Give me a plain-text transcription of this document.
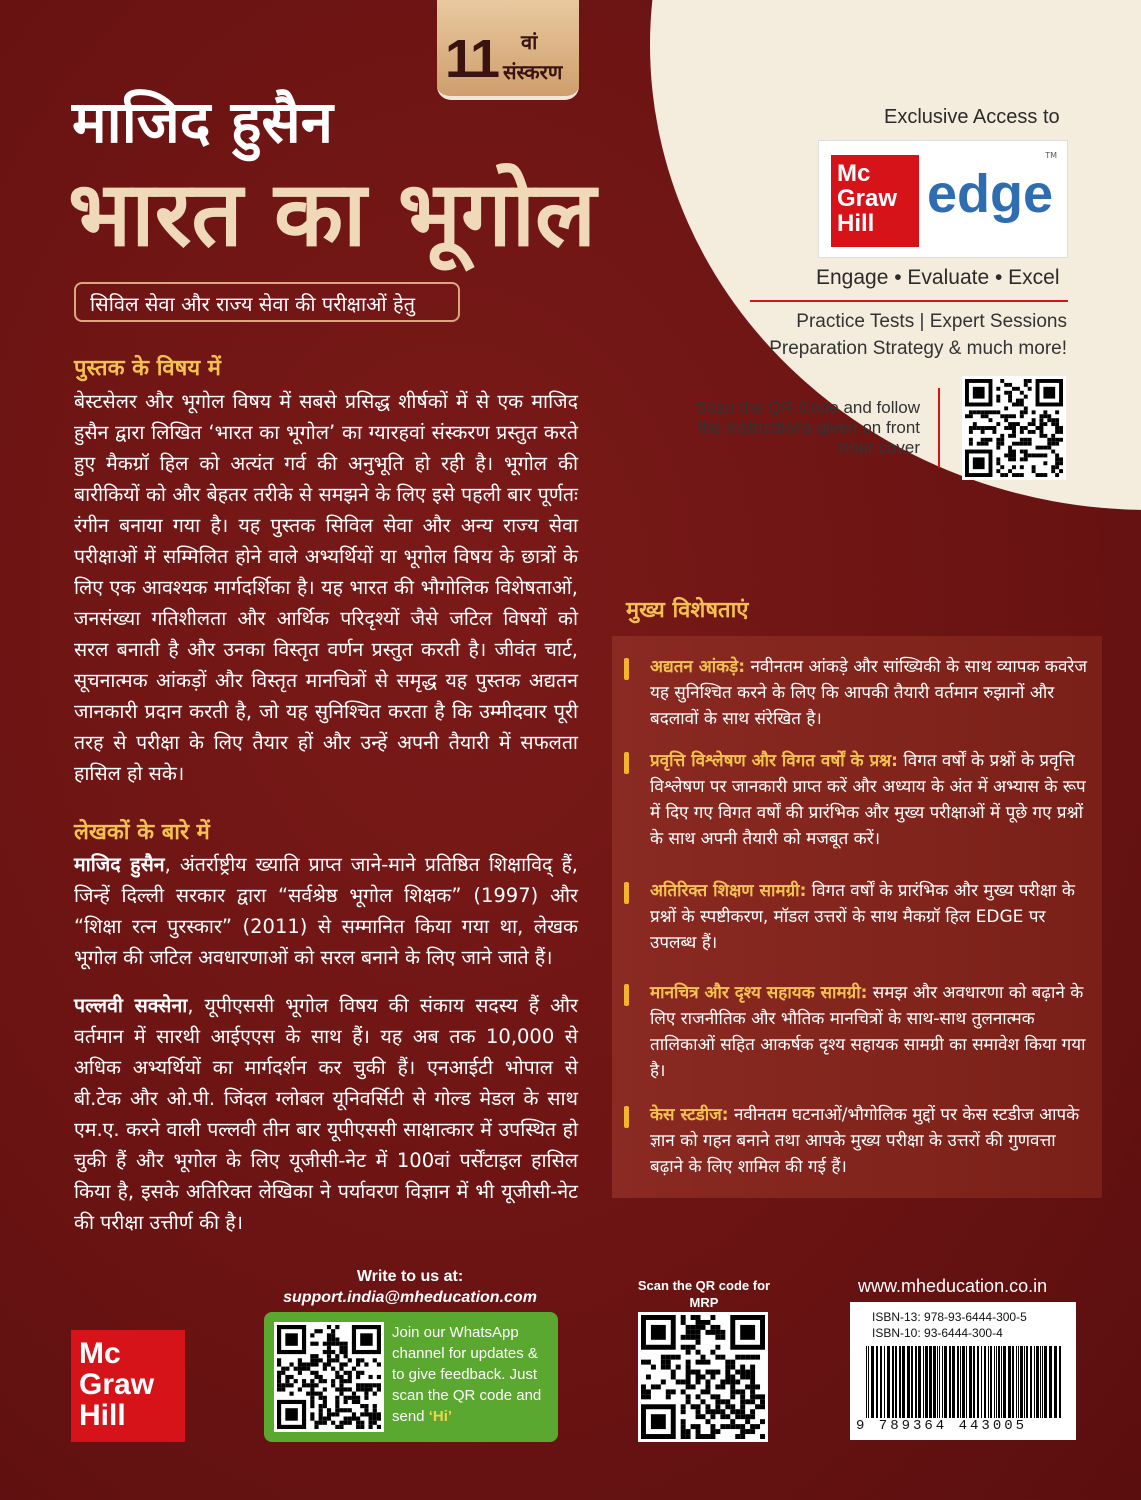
11 वां
संस्करण
माजिद हुसैन
भारत का भूगोल
सिविल सेवा और राज्य सेवा की परीक्षाओं हेतु
Exclusive Access to
Mc
Graw
Hill edge
TM
Engage • Evaluate • Excel
Practice Tests | Expert Sessions
Preparation Strategy & much more!
Scan the QR Code and follow the instructions given on front inner cover
पुस्तक के विषय में
बेस्टसेलर और भूगोल विषय में सबसे प्रसिद्ध शीर्षकों में से एक माजिद हुसैन द्वारा लिखित ‘भारत का भूगोल’ का ग्यारहवां संस्करण प्रस्तुत करते हुए मैकग्रॉ हिल को अत्यंत गर्व की अनुभूति हो रही है। भूगोल की बारीकियों को और बेहतर तरीके से समझने के लिए इसे पहली बार पूर्णतः रंगीन बनाया गया है। यह पुस्तक सिविल सेवा और अन्य राज्य सेवा परीक्षाओं में सम्मिलित होने वाले अभ्यर्थियों या भूगोल विषय के छात्रों के लिए एक आवश्यक मार्गदर्शिका है। यह भारत की भौगोलिक विशेषताओं, जनसंख्या गतिशीलता और आर्थिक परिदृश्यों जैसे जटिल विषयों को सरल बनाती है और उनका विस्तृत वर्णन प्रस्तुत करती है। जीवंत चार्ट, सूचनात्मक आंकड़ों और विस्तृत मानचित्रों से समृद्ध यह पुस्तक अद्यतन जानकारी प्रदान करती है, जो यह सुनिश्चित करता है कि उम्मीदवार पूरी तरह से परीक्षा के लिए तैयार हों और उन्हें अपनी तैयारी में सफलता हासिल हो सके।
लेखकों के बारे में
माजिद हुसैन, अंतर्राष्ट्रीय ख्याति प्राप्त जाने-माने प्रतिष्ठित शिक्षाविद् हैं, जिन्हें दिल्ली सरकार द्वारा “सर्वश्रेष्ठ भूगोल शिक्षक” (1997) और “शिक्षा रत्न पुरस्कार” (2011) से सम्मानित किया गया था, लेखक भूगोल की जटिल अवधारणाओं को सरल बनाने के लिए जाने जाते हैं।
पल्लवी सक्सेना, यूपीएससी भूगोल विषय की संकाय सदस्य हैं और वर्तमान में सारथी आईएएस के साथ हैं। यह अब तक 10,000 से अधिक अभ्यर्थियों का मार्गदर्शन कर चुकी हैं। एनआईटी भोपाल से बी.टेक और ओ.पी. जिंदल ग्लोबल यूनिवर्सिटी से गोल्ड मेडल के साथ एम.ए. करने वाली पल्लवी तीन बार यूपीएससी साक्षात्कार में उपस्थित हो चुकी हैं और भूगोल के लिए यूजीसी-नेट में 100वां पर्सेंटाइल हासिल किया है, इसके अतिरिक्त लेखिका ने पर्यावरण विज्ञान में भी यूजीसी-नेट की परीक्षा उत्तीर्ण की है।
मुख्य विशेषताएं
अद्यतन आंकड़े: नवीनतम आंकड़े और सांख्यिकी के साथ व्यापक कवरेज यह सुनिश्चित करने के लिए कि आपकी तैयारी वर्तमान रुझानों और बदलावों के साथ संरेखित है।
प्रवृत्ति विश्लेषण और विगत वर्षों के प्रश्न: विगत वर्षों के प्रश्नों के प्रवृत्ति विश्लेषण पर जानकारी प्राप्त करें और अध्याय के अंत में अभ्यास के रूप में दिए गए विगत वर्षों की प्रारंभिक और मुख्य परीक्षाओं में पूछे गए प्रश्नों के साथ अपनी तैयारी को मजबूत करें।
अतिरिक्त शिक्षण सामग्री: विगत वर्षों के प्रारंभिक और मुख्य परीक्षा के प्रश्नों के स्पष्टीकरण, मॉडल उत्तरों के साथ मैकग्रॉ हिल EDGE पर उपलब्ध हैं।
मानचित्र और दृश्य सहायक सामग्री: समझ और अवधारणा को बढ़ाने के लिए राजनीतिक और भौतिक मानचित्रों के साथ-साथ तुलनात्मक तालिकाओं सहित आकर्षक दृश्य सहायक सामग्री का समावेश किया गया है।
केस स्टडीज: नवीनतम घटनाओं/भौगोलिक मुद्दों पर केस स्टडीज आपके ज्ञान को गहन बनाने तथा आपके मुख्य परीक्षा के उत्तरों की गुणवत्ता बढ़ाने के लिए शामिल की गई हैं।
Mc
Graw
Hill
Write to us at:
support.india@mheducation.com
Join our WhatsApp channel for updates & to give feedback. Just scan the QR code and send ‘Hi’
Scan the QR code for MRP
www.mheducation.co.in
ISBN-13: 978-93-6444-300-5
ISBN-10: 93-6444-300-4
9 789364 443005
